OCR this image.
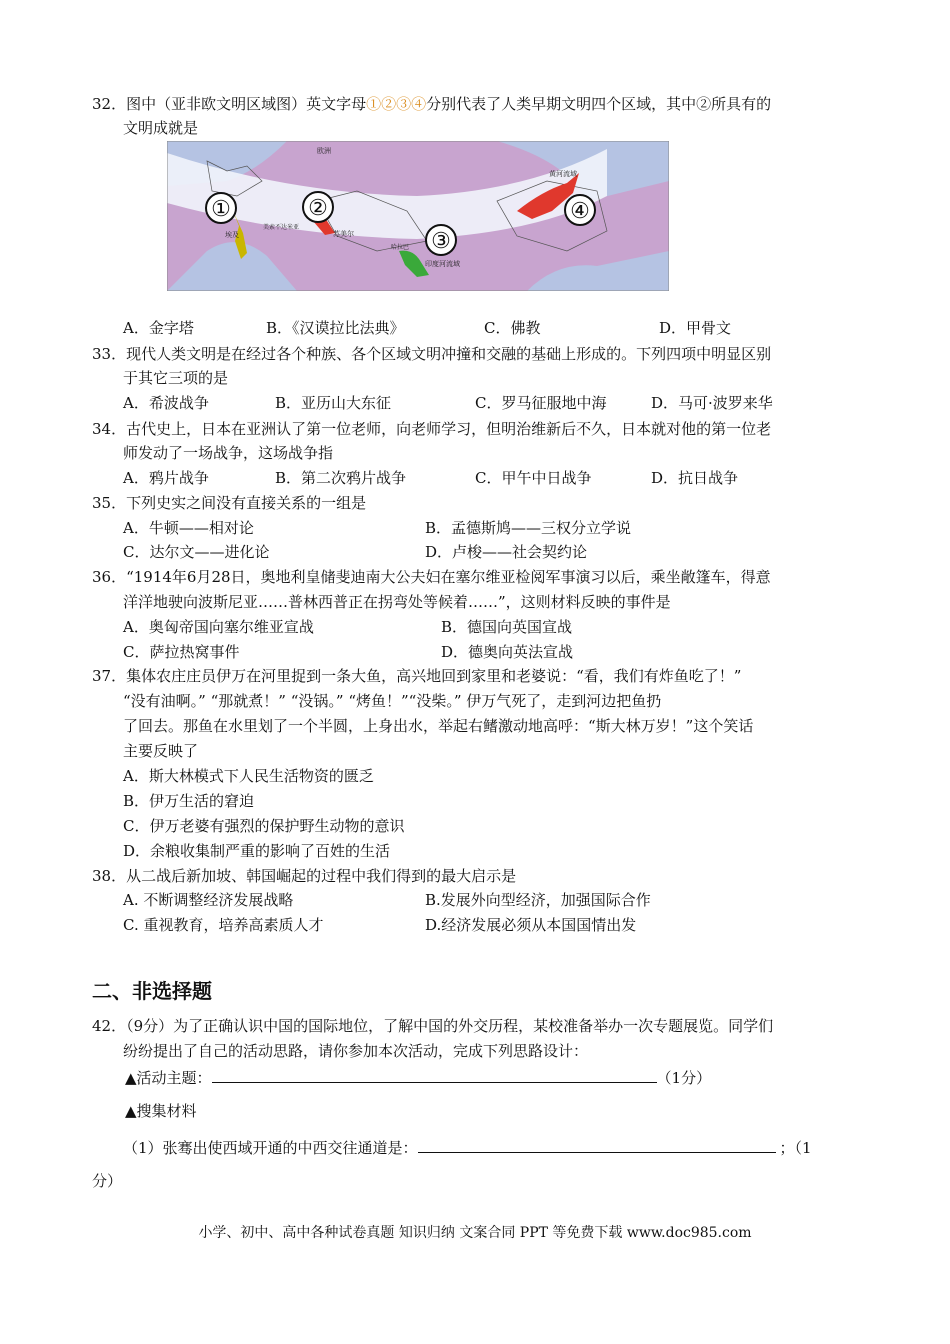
32．图中（亚非欧文明区域图）英文字母①②③④分别代表了人类早期文明四个区域，其中②所具有的
文明成就是
①	②
③
④
欧洲
黄河流域
印度河流域
美索不达米亚
苏美尔
哈拉巴
埃及
A．金字塔	B．《汉谟拉比法典》	C．佛教	D．甲骨文
33．现代人类文明是在经过各个种族、各个区域文明冲撞和交融的基础上形成的。下列四项中明显区别
于其它三项的是
A．希波战争	B．亚历山大东征	C．罗马征服地中海	D．马可·波罗来华
34．古代史上，日本在亚洲认了第一位老师，向老师学习，但明治维新后不久，日本就对他的第一位老
师发动了一场战争，这场战争指
A．鸦片战争	B．第二次鸦片战争	C．甲午中日战争	D．抗日战争
35．下列史实之间没有直接关系的一组是
A．牛顿——相对论	B．孟德斯鸠——三权分立学说
C．达尔文——进化论	D．卢梭——社会契约论
36．“1914年6月28日，奥地利皇储斐迪南大公夫妇在塞尔维亚检阅军事演习以后，乘坐敞篷车，得意
洋洋地驶向波斯尼亚……普林西普正在拐弯处等候着……”，这则材料反映的事件是
A．奥匈帝国向塞尔维亚宣战	B．德国向英国宣战
C．萨拉热窝事件	D．德奥向英法宣战
37．集体农庄庄员伊万在河里捉到一条大鱼，高兴地回到家里和老婆说：“看，我们有炸鱼吃了！”
“没有油啊。” “那就煮！” “没锅。” “烤鱼！”“没柴。” 伊万气死了，走到河边把鱼扔
了回去。那鱼在水里划了一个半圆，上身出水，举起右鳍激动地高呼：“斯大林万岁！”这个笑话
主要反映了
A．斯大林模式下人民生活物资的匮乏
B．伊万生活的窘迫
C．伊万老婆有强烈的保护野生动物的意识
D．余粮收集制严重的影响了百姓的生活
38．从二战后新加坡、韩国崛起的过程中我们得到的最大启示是
A. 不断调整经济发展战略	B.发展外向型经济，加强国际合作
C. 重视教育，培养高素质人才	D.经济发展必须从本国国情出发
二、非选择题
42．（9分）为了正确认识中国的国际地位，了解中国的外交历程，某校准备举办一次专题展览。同学们
纷纷提出了自己的活动思路，请你参加本次活动，完成下列思路设计：
▲活动主题：	（1分）
▲搜集材料
（1）张骞出使西域开通的中西交往通道是：	；（1
分）
小学、初中、高中各种试卷真题 知识归纳 文案合同 PPT 等免费下载 www.doc985.com
